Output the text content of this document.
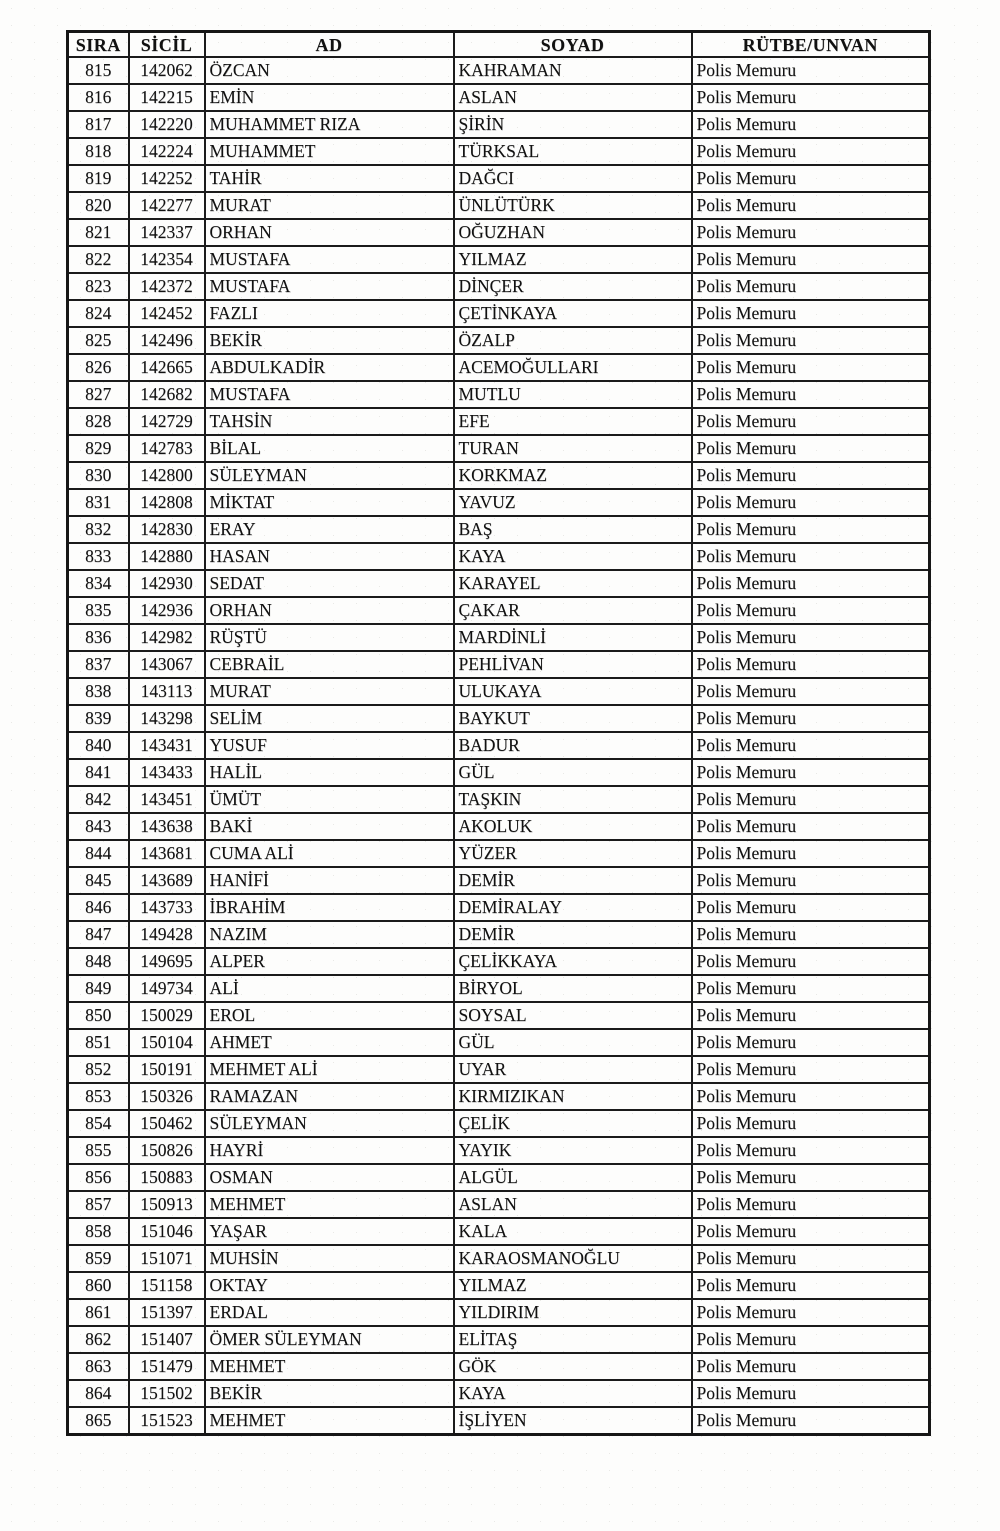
SIRA	SİCİL	AD	SOYAD	RÜTBE/UNVAN
815	142062	ÖZCAN	KAHRAMAN	Polis Memuru
816	142215	EMİN	ASLAN	Polis Memuru
817	142220	MUHAMMET RIZA	ŞİRİN	Polis Memuru
818	142224	MUHAMMET	TÜRKSAL	Polis Memuru
819	142252	TAHİR	DAĞCI	Polis Memuru
820	142277	MURAT	ÜNLÜTÜRK	Polis Memuru
821	142337	ORHAN	OĞUZHAN	Polis Memuru
822	142354	MUSTAFA	YILMAZ	Polis Memuru
823	142372	MUSTAFA	DİNÇER	Polis Memuru
824	142452	FAZLI	ÇETİNKAYA	Polis Memuru
825	142496	BEKİR	ÖZALP	Polis Memuru
826	142665	ABDULKADİR	ACEMOĞULLARI	Polis Memuru
827	142682	MUSTAFA	MUTLU	Polis Memuru
828	142729	TAHSİN	EFE	Polis Memuru
829	142783	BİLAL	TURAN	Polis Memuru
830	142800	SÜLEYMAN	KORKMAZ	Polis Memuru
831	142808	MİKTAT	YAVUZ	Polis Memuru
832	142830	ERAY	BAŞ	Polis Memuru
833	142880	HASAN	KAYA	Polis Memuru
834	142930	SEDAT	KARAYEL	Polis Memuru
835	142936	ORHAN	ÇAKAR	Polis Memuru
836	142982	RÜŞTÜ	MARDİNLİ	Polis Memuru
837	143067	CEBRAİL	PEHLİVAN	Polis Memuru
838	143113	MURAT	ULUKAYA	Polis Memuru
839	143298	SELİM	BAYKUT	Polis Memuru
840	143431	YUSUF	BADUR	Polis Memuru
841	143433	HALİL	GÜL	Polis Memuru
842	143451	ÜMÜT	TAŞKIN	Polis Memuru
843	143638	BAKİ	AKOLUK	Polis Memuru
844	143681	CUMA ALİ	YÜZER	Polis Memuru
845	143689	HANİFİ	DEMİR	Polis Memuru
846	143733	İBRAHİM	DEMİRALAY	Polis Memuru
847	149428	NAZIM	DEMİR	Polis Memuru
848	149695	ALPER	ÇELİKKAYA	Polis Memuru
849	149734	ALİ	BİRYOL	Polis Memuru
850	150029	EROL	SOYSAL	Polis Memuru
851	150104	AHMET	GÜL	Polis Memuru
852	150191	MEHMET ALİ	UYAR	Polis Memuru
853	150326	RAMAZAN	KIRMIZIKAN	Polis Memuru
854	150462	SÜLEYMAN	ÇELİK	Polis Memuru
855	150826	HAYRİ	YAYIK	Polis Memuru
856	150883	OSMAN	ALGÜL	Polis Memuru
857	150913	MEHMET	ASLAN	Polis Memuru
858	151046	YAŞAR	KALA	Polis Memuru
859	151071	MUHSİN	KARAOSMANOĞLU	Polis Memuru
860	151158	OKTAY	YILMAZ	Polis Memuru
861	151397	ERDAL	YILDIRIM	Polis Memuru
862	151407	ÖMER SÜLEYMAN	ELİTAŞ	Polis Memuru
863	151479	MEHMET	GÖK	Polis Memuru
864	151502	BEKİR	KAYA	Polis Memuru
865	151523	MEHMET	İŞLİYEN	Polis Memuru
